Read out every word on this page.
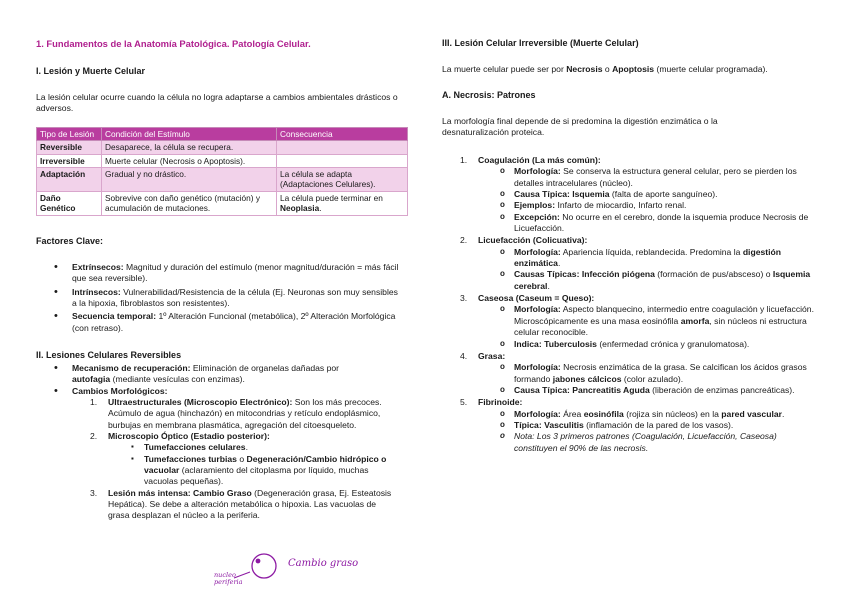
1. Fundamentos de la Anatomía Patológica. Patología Celular.
I. Lesión y Muerte Celular

La lesión celular ocurre cuando la célula no logra adaptarse a cambios ambientales drásticos o adversos.

Tipo de Lesión	Condición del Estímulo	Consecuencia
Reversible	Desaparece, la célula se recupera.	
Irreversible	Muerte celular (Necrosis o Apoptosis).	
Adaptación	Gradual y no drástico.	La célula se adapta (Adaptaciones Celulares).
Daño Genético	Sobrevive con daño genético (mutación) y acumulación de mutaciones.	La célula puede terminar en Neoplasia.
Factores Clave:
• Extrínsecos: Magnitud y duración del estímulo (menor magnitud/duración = más fácil que sea reversible).
• Intrínsecos: Vulnerabilidad/Resistencia de la célula (Ej. Neuronas son muy sensibles a la hipoxia, fibroblastos son resistentes).
• Secuencia temporal: 1º Alteración Funcional (metabólica), 2º Alteración Morfológica (con retraso).
II. Lesiones Celulares Reversibles
• Mecanismo de recuperación: Eliminación de organelas dañadas por autofagia (mediante vesículas con enzimas).
• Cambios Morfológicos:
1. Ultraestructurales (Microscopio Electrónico): Son los más precoces. Acúmulo de agua (hinchazón) en mitocondrias y retículo endoplásmico, burbujas en membrana plasmática, agregación del citoesqueleto.
2. Microscopio Óptico (Estadio posterior):
▪ Tumefacciones celulares.
▪ Tumefacciones turbias o Degeneración/Cambio hidrópico o vacuolar (aclaramiento del citoplasma por líquido, muchas vacuolas pequeñas).
3. Lesión más intensa: Cambio Graso (Degeneración grasa, Ej. Esteatosis Hepática). Se debe a alteración metabólica o hipoxia. Las vacuolas de grasa desplazan el núcleo a la periferia.
Cambio graso
nucleo
periferia
III. Lesión Celular Irreversible (Muerte Celular)

La muerte celular puede ser por Necrosis o Apoptosis (muerte celular programada).

A. Necrosis: Patrones

La morfología final depende de si predomina la digestión enzimática o la desnaturalización proteica.

1. Coagulación (La más común):
o Morfología: Se conserva la estructura general celular, pero se pierden los detalles intracelulares (núcleo).
o Causa Típica: Isquemia (falta de aporte sanguíneo).
o Ejemplos: Infarto de miocardio, Infarto renal.
o Excepción: No ocurre en el cerebro, donde la isquemia produce Necrosis de Licuefacción.
2. Licuefacción (Colicuativa):
o Morfología: Apariencia líquida, reblandecida. Predomina la digestión enzimática.
o Causas Típicas: Infección piógena (formación de pus/absceso) o Isquemia cerebral.
3. Caseosa (Caseum = Queso):
o Morfología: Aspecto blanquecino, intermedio entre coagulación y licuefacción. Microscópicamente es una masa eosinófila amorfa, sin núcleos ni estructura celular reconocible.
o Indica: Tuberculosis (enfermedad crónica y granulomatosa).
4. Grasa:
o Morfología: Necrosis enzimática de la grasa. Se calcifican los ácidos grasos formando jabones cálcicos (color azulado).
o Causa Típica: Pancreatitis Aguda (liberación de enzimas pancreáticas).
5. Fibrinoide:
o Morfología: Área eosinófila (rojiza sin núcleos) en la pared vascular.
o Típica: Vasculitis (inflamación de la pared de los vasos).
o Nota: Los 3 primeros patrones (Coagulación, Licuefacción, Caseosa) constituyen el 90% de las necrosis.
